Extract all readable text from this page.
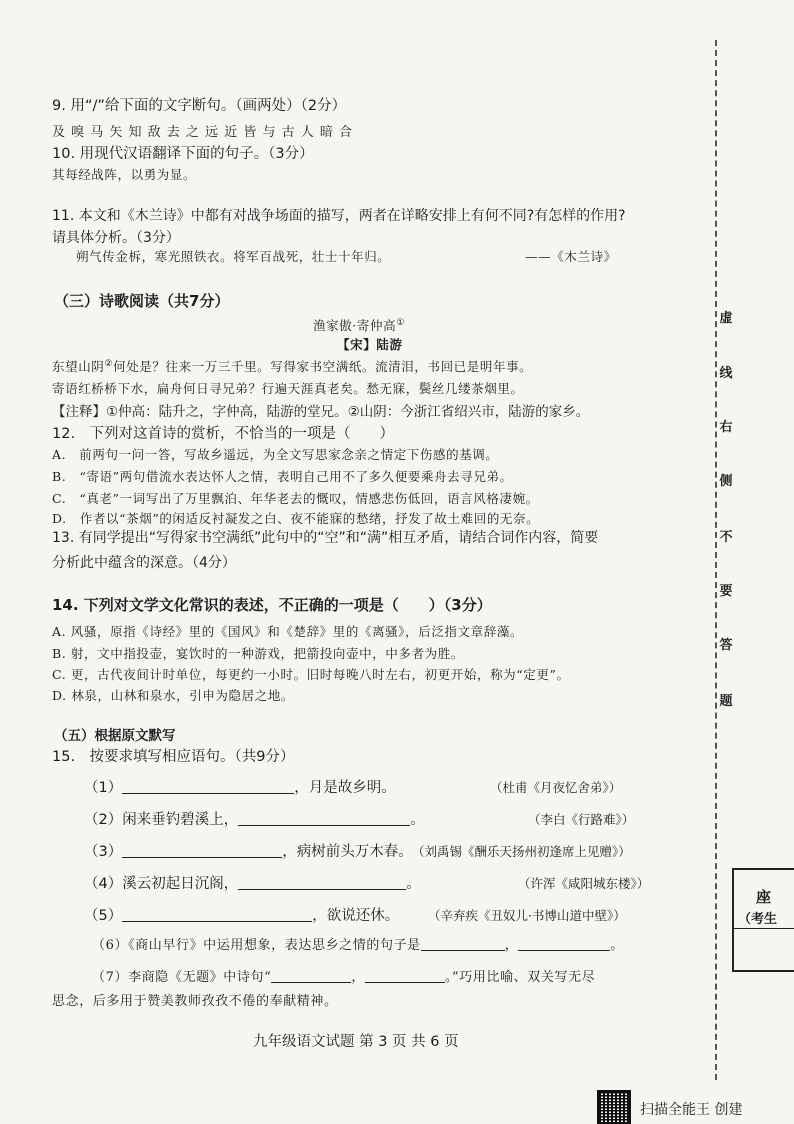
9. 用“/”给下面的文字断句。（画两处）（2分）
及 嗅 马 矢 知 敌 去 之 远 近 皆 与 古 人 暗 合
10. 用现代汉语翻译下面的句子。（3分）
其每经战阵，以勇为显。
11. 本文和《木兰诗》中都有对战争场面的描写，两者在详略安排上有何不同?有怎样的作用?
请具体分析。（3分）
朔气传金柝，寒光照铁衣。将军百战死，壮士十年归。	——《木兰诗》
（三）诗歌阅读（共7分）
渔家傲·寄仲高①
【宋】陆游
东望山阴②何处是？往来一万三千里。写得家书空满纸。流清泪，书回已是明年事。
寄语红桥桥下水，扁舟何日寻兄弟？行遍天涯真老矣。愁无寐，鬓丝几缕茶烟里。
【注释】①仲高：陆升之，字仲高，陆游的堂兄。②山阴：今浙江省绍兴市，陆游的家乡。
12.　下列对这首诗的赏析，不恰当的一项是（　　）
A.　前两句一问一答，写故乡遥远，为全文写思家念亲之情定下伤感的基调。
B.　“寄语”两句借流水表达怀人之情，表明自己用不了多久便要乘舟去寻兄弟。
C.　“真老”一词写出了万里飘泊、年华老去的慨叹，情感悲伤低回，语言风格凄婉。
D.　作者以“茶烟”的闲适反衬凝发之白、夜不能寐的愁绪，抒发了故土难回的无奈。
13. 有同学提出“写得家书空满纸”此句中的“空”和“满”相互矛盾，请结合词作内容，简要
分析此中蕴含的深意。（4分）
14. 下列对文学文化常识的表述，不正确的一项是（　　）（3分）
A. 风骚，原指《诗经》里的《国风》和《楚辞》里的《离骚》，后泛指文章辞藻。
B. 射，文中指投壶，宴饮时的一种游戏，把箭投向壶中，中多者为胜。
C. 更，古代夜间计时单位，每更约一小时。旧时每晚八时左右，初更开始，称为“定更”。
D. 林泉，山林和泉水，引申为隐居之地。
（五）根据原文默写
15.　按要求填写相应语句。（共9分）
（1）	，月是故乡明。	（杜甫《月夜忆舍弟》）
（2）闲来垂钓碧溪上，	。	（李白《行路难》）
（3）	，病树前头万木春。 （刘禹锡《酬乐天扬州初逢席上见赠》）
（4）溪云初起日沉阁，	。	（许浑《咸阳城东楼》）
（5）	，欲说还休。 （辛弃疾《丑奴儿·书博山道中壁》）
（6）《商山早行》中运用想象，表达思乡之情的句子是	，	。
（7）李商隐《无题》中诗句“	，	。”巧用比喻、双关写无尽
思念，后多用于赞美教师孜孜不倦的奉献精神。
九年级语文试题 第 3 页 共 6 页
虚
线
右
侧
不
要
答
题
座
（考生
扫描全能王 创建
